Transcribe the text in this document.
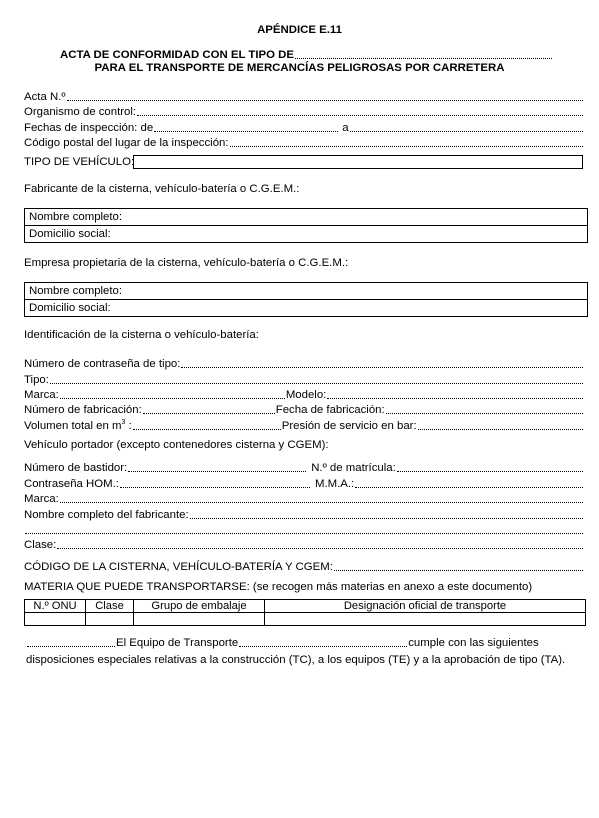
APÉNDICE E.11
ACTA DE CONFORMIDAD CON EL TIPO DE
PARA EL TRANSPORTE DE MERCANCÍAS PELIGROSAS POR CARRETERA
Acta N.º
Organismo de control:
Fechas de inspección: de	a
Código postal del lugar de la inspección:
TIPO DE VEHÍCULO:
Fabricante de la cisterna, vehículo-batería o C.G.E.M.:
Nombre completo:
Domicilio social:
Empresa propietaria de la cisterna, vehículo-batería o C.G.E.M.:
Nombre completo:
Domicilio social:
Identificación de la cisterna o vehículo-batería:
Número de contraseña de tipo:
Tipo:
Marca:	Modelo:
Número de fabricación:	Fecha de fabricación:
Volumen total en $m^3$ :	Presión de servicio en bar:
Vehículo portador (excepto contenedores cisterna y CGEM):
Número de bastidor:	N.º de matrícula:
Contraseña HOM.:	M.M.A.:
Marca:
Nombre completo del fabricante:
Clase:
CÓDIGO DE LA CISTERNA, VEHÍCULO-BATERÍA Y CGEM:
MATERIA QUE PUEDE TRANSPORTARSE: (se recogen más materias en anexo a este documento)
N.º ONU	Clase	Grupo de embalaje	Designación oficial de transporte

El Equipo de Transporte	cumple con las siguientes
disposiciones especiales relativas a la construcción (TC), a los equipos (TE) y a la aprobación de tipo (TA).
